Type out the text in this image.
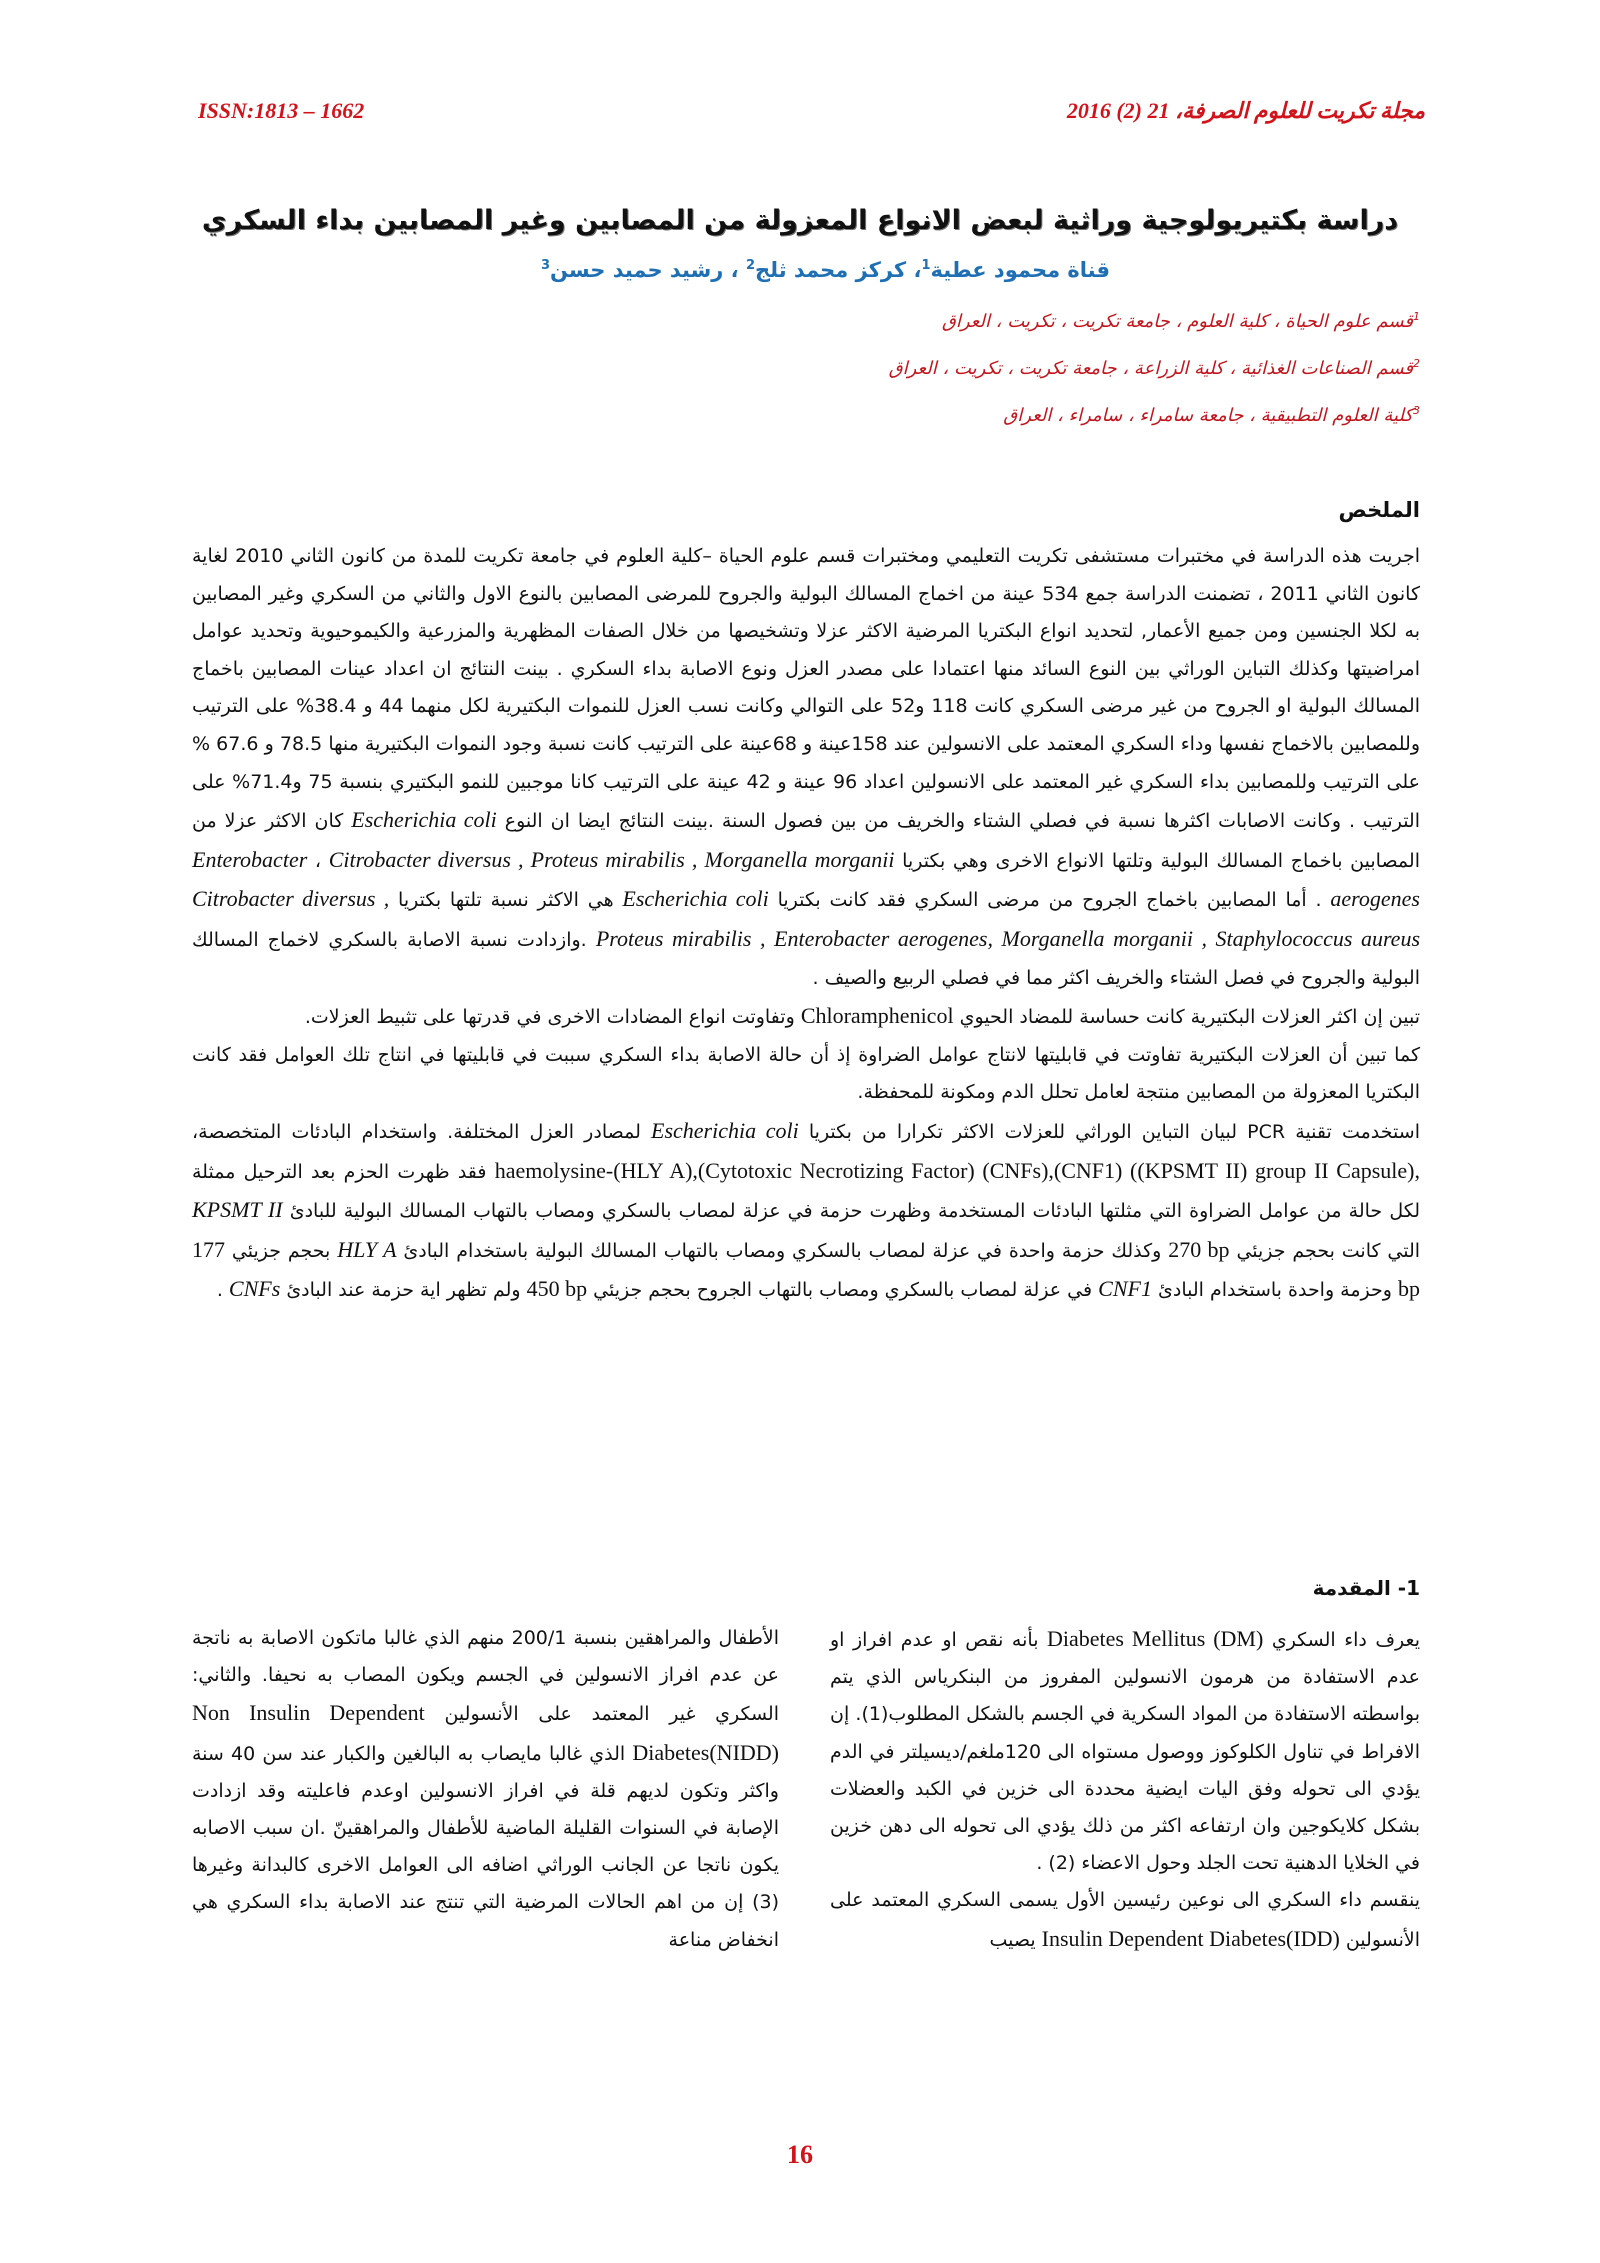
ISSN:1813 – 1662	مجلة تكريت للعلوم الصرفة، 21 (2) 2016
دراسة بكتيريولوجية وراثية لبعض الانواع المعزولة من المصابين وغير المصابين بداء السكري
قناة محمود عطية$^1$، كركز محمد ثلج$^2$ ، رشيد حميد حسن$^3$
$^1$قسم علوم الحياة ، كلية العلوم ، جامعة تكريت ، تكريت ، العراق
$^2$قسم الصناعات الغذائية ، كلية الزراعة ، جامعة تكريت ، تكريت ، العراق
$^3$كلية العلوم التطبيقية ، جامعة سامراء ، سامراء ، العراق
الملخص

اجريت هذه الدراسة في مختبرات مستشفى تكريت التعليمي ومختبرات قسم علوم الحياة –كلية العلوم في جامعة تكريت للمدة من كانون الثاني 2010 لغاية كانون الثاني 2011 ، تضمنت الدراسة جمع 534 عينة من اخماج المسالك البولية والجروح للمرضى المصابين بالنوع الاول والثاني من السكري وغير المصابين به لكلا الجنسين ومن جميع الأعمار, لتحديد انواع البكتريا المرضية الاكثر عزلا وتشخيصها من خلال الصفات المظهرية والمزرعية والكيموحيوية وتحديد عوامل امراضيتها وكذلك التباين الوراثي بين النوع السائد منها اعتمادا على مصدر العزل ونوع الاصابة بداء السكري . بينت النتائج ان اعداد عينات المصابين باخماج المسالك البولية او الجروح من غير مرضى السكري كانت 118 و52 على التوالي وكانت نسب العزل للنموات البكتيرية لكل منهما 44 و 38.4% على الترتيب وللمصابين بالاخماج نفسها وداء السكري المعتمد على الانسولين عند 158عينة و 68عينة على الترتيب كانت نسبة وجود النموات البكتيرية منها 78.5 و 67.6 % على الترتيب وللمصابين بداء السكري غير المعتمد على الانسولين اعداد 96 عينة و 42 عينة على الترتيب كانا موجبين للنمو البكتيري بنسبة 75 و71.4% على الترتيب . وكانت الاصابات اكثرها نسبة في فصلي الشتاء والخريف من بين فصول السنة .بينت النتائج ايضا ان النوع Escherichia coli كان الاكثر عزلا من المصابين باخماج المسالك البولية وتلتها الانواع الاخرى وهي بكتريا Citrobacter diversus , Proteus mirabilis , Morganella morganii ، Enterobacter aerogenes . أما المصابين باخماج الجروح من مرضى السكري فقد كانت بكتريا Escherichia coli هي الاكثر نسبة تلتها بكتريا Citrobacter diversus , Proteus mirabilis , Enterobacter aerogenes, Morganella morganii , Staphylococcus aureus .وازدادت نسبة الاصابة بالسكري لاخماج المسالك البولية والجروح في فصل الشتاء والخريف اكثر مما في فصلي الربيع والصيف .

تبين إن اكثر العزلات البكتيرية كانت حساسة للمضاد الحيوي Chloramphenicol وتفاوتت انواع المضادات الاخرى في قدرتها على تثبيط العزلات.

كما تبين أن العزلات البكتيرية تفاوتت في قابليتها لانتاج عوامل الضراوة إذ أن حالة الاصابة بداء السكري سببت في قابليتها في انتاج تلك العوامل فقد كانت البكتريا المعزولة من المصابين منتجة لعامل تحلل الدم ومكونة للمحفظة.

استخدمت تقنية PCR لبيان التباين الوراثي للعزلات الاكثر تكرارا من بكتريا Escherichia coli لمصادر العزل المختلفة. واستخدام البادئات المتخصصة، haemolysine-(HLY A),(Cytotoxic Necrotizing Factor) (CNFs),(CNF1) ((KPSMT II) group II Capsule), فقد ظهرت الحزم بعد الترحيل ممثلة لكل حالة من عوامل الضراوة التي مثلتها البادئات المستخدمة وظهرت حزمة في عزلة لمصاب بالسكري ومصاب بالتهاب المسالك البولية للبادئ KPSMT II التي كانت بحجم جزيئي 270 bp وكذلك حزمة واحدة في عزلة لمصاب بالسكري ومصاب بالتهاب المسالك البولية باستخدام البادئ HLY A بحجم جزيئي 177 bp وحزمة واحدة باستخدام البادئ CNF1 في عزلة لمصاب بالسكري ومصاب بالتهاب الجروح بحجم جزيئي 450 bp ولم تظهر اية حزمة عند البادئ CNFs .

1- المقدمة

يعرف داء السكري Diabetes Mellitus (DM) بأنه نقص او عدم افراز او عدم الاستفادة من هرمون الانسولين المفروز من البنكرياس الذي يتم بواسطته الاستفادة من المواد السكرية في الجسم بالشكل المطلوب(1). إن الافراط في تناول الكلوكوز ووصول مستواه الى 120ملغم/ديسيلتر في الدم يؤدي الى تحوله وفق اليات ايضية محددة الى خزين في الكبد والعضلات بشكل كلايكوجين وان ارتفاعه اكثر من ذلك يؤدي الى تحوله الى دهن خزين في الخلايا الدهنية تحت الجلد وحول الاعضاء (2) .

ينقسم داء السكري الى نوعين رئيسين الأول يسمى السكري المعتمد على الأنسولين Insulin Dependent Diabetes(IDD) يصيب

الأطفال والمراهقين بنسبة 200/1 منهم الذي غالبا ماتكون الاصابة به ناتجة عن عدم افراز الانسولين في الجسم ويكون المصاب به نحيفا. والثاني: السكري غير المعتمد على الأنسولين Non Insulin Dependent Diabetes(NIDD) الذي غالبا مايصاب به البالغين والكبار عند سن 40 سنة واكثر وتكون لديهم قلة في افراز الانسولين اوعدم فاعليته وقد ازدادت الإصابة في السنوات القليلة الماضية للأطفال والمراهقينّ .ان سبب الاصابه يكون ناتجا عن الجانب الوراثي اضافه الى العوامل الاخرى كالبدانة وغيرها (3) إن من اهم الحالات المرضية التي تنتج عند الاصابة بداء السكري هي انخفاض مناعة

16
